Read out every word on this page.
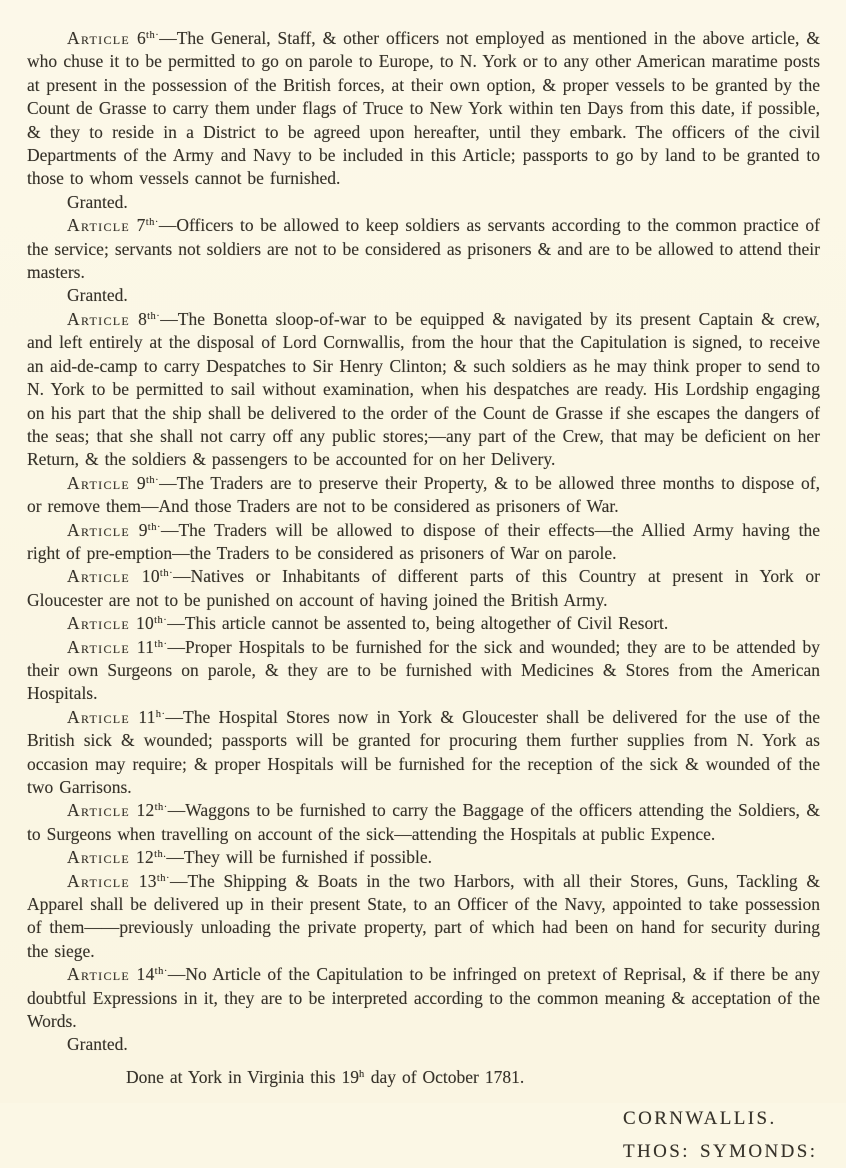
Article $6^{th\cdot}—The$ General, Staff, & other officers not employed as mentioned in the above article, & who chuse it to be permitted to go on parole to Europe, to N. York or to any other American maratime posts at present in the possession of the British forces, at their own option, & proper vessels to be granted by the Count de Grasse to carry them under flags of Truce to New York within ten Days from this date, if possible, & they to reside in a District to be agreed upon hereafter, until they embark. The officers of the civil Departments of the Army and Navy to be included in this Article; passports to go by land to be granted to those to whom vessels cannot be furnished.

Granted.

Article $7^{th\cdot}—Officers$ to be allowed to keep soldiers as servants according to the common practice of the service; servants not soldiers are not to be considered as prisoners & and are to be allowed to attend their masters.

Granted.

Article $8^{th\cdot}—The$ Bonetta sloop-of-war to be equipped & navigated by its present Captain & crew, and left entirely at the disposal of Lord Cornwallis, from the hour that the Capitulation is signed, to receive an aid-de-camp to carry Despatches to Sir Henry Clinton; & such soldiers as he may think proper to send to N. York to be permitted to sail without examination, when his despatches are ready. His Lordship engaging on his part that the ship shall be delivered to the order of the Count de Grasse if she escapes the dangers of the seas; that she shall not carry off any public stores;—any part of the Crew, that may be deficient on her Return, & the soldiers & passengers to be accounted for on her Delivery.

Article $9^{th\cdot}—The$ Traders are to preserve their Property, & to be allowed three months to dispose of, or remove them—And those Traders are not to be considered as prisoners of War.

Article $9^{th\cdot}—The$ Traders will be allowed to dispose of their effects—the Allied Army having the right of pre-emption—the Traders to be considered as prisoners of War on parole.

Article $10^{th\cdot}—Natives$ or Inhabitants of different parts of this Country at present in York or Gloucester are not to be punished on account of having joined the British Army.

Article $10^{th\cdot}—This$ article cannot be assented to, being altogether of Civil Resort.

Article $11^{th\cdot}—Proper$ Hospitals to be furnished for the sick and wounded; they are to be attended by their own Surgeons on parole, & they are to be furnished with Medicines & Stores from the American Hospitals.

Article $11^{h\cdot}—The$ Hospital Stores now in York & Gloucester shall be delivered for the use of the British sick & wounded; passports will be granted for procuring them further supplies from N. York as occasion may require; & proper Hospitals will be furnished for the reception of the sick & wounded of the two Garrisons.

Article $12^{th\cdot}—Waggons$ to be furnished to carry the Baggage of the officers attending the Soldiers, & to Surgeons when travelling on account of the sick—attending the Hospitals at public Expence.

Article $12^{th.}—They$ will be furnished if possible.

Article $13^{th\cdot}—The$ Shipping & Boats in the two Harbors, with all their Stores, Guns, Tackling & Apparel shall be delivered up in their present State, to an Officer of the Navy, appointed to take possession of them——previously unloading the private property, part of which had been on hand for security during the siege.

Article $14^{th\cdot}—No$ Article of the Capitulation to be infringed on pretext of Reprisal, & if there be any doubtful Expressions in it, they are to be interpreted according to the common meaning & acceptation of the Words.

Granted.

Done at York in Virginia this 19$^h$ day of October 1781.

CORNWALLIS.

THOS: SYMONDS:
